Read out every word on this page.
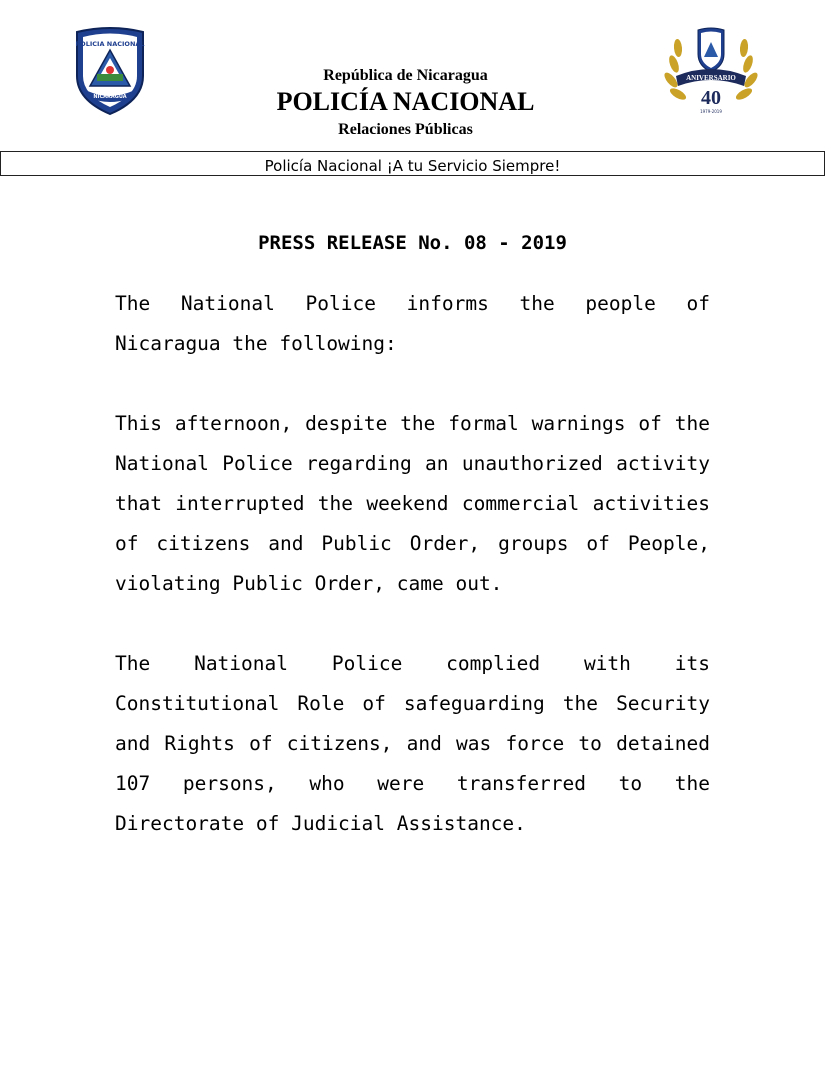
POLICIA NACIONAL
NICARAGUA
ANIVERSARIO
40
1979-2019
República de Nicaragua
POLICÍA NACIONAL
Relaciones Públicas
Policía Nacional ¡A tu Servicio Siempre!
PRESS RELEASE No. 08 - 2019

The National Police informs the people of Nicaragua the following:

This afternoon, despite the formal warnings of the National Police regarding an unauthorized activity that interrupted the weekend commercial activities of citizens and Public Order, groups of People, violating Public Order, came out.

The National Police complied with its Constitutional Role of safeguarding the Security and Rights of citizens, and was force to detained 107 persons, who were transferred to the Directorate of Judicial Assistance.
